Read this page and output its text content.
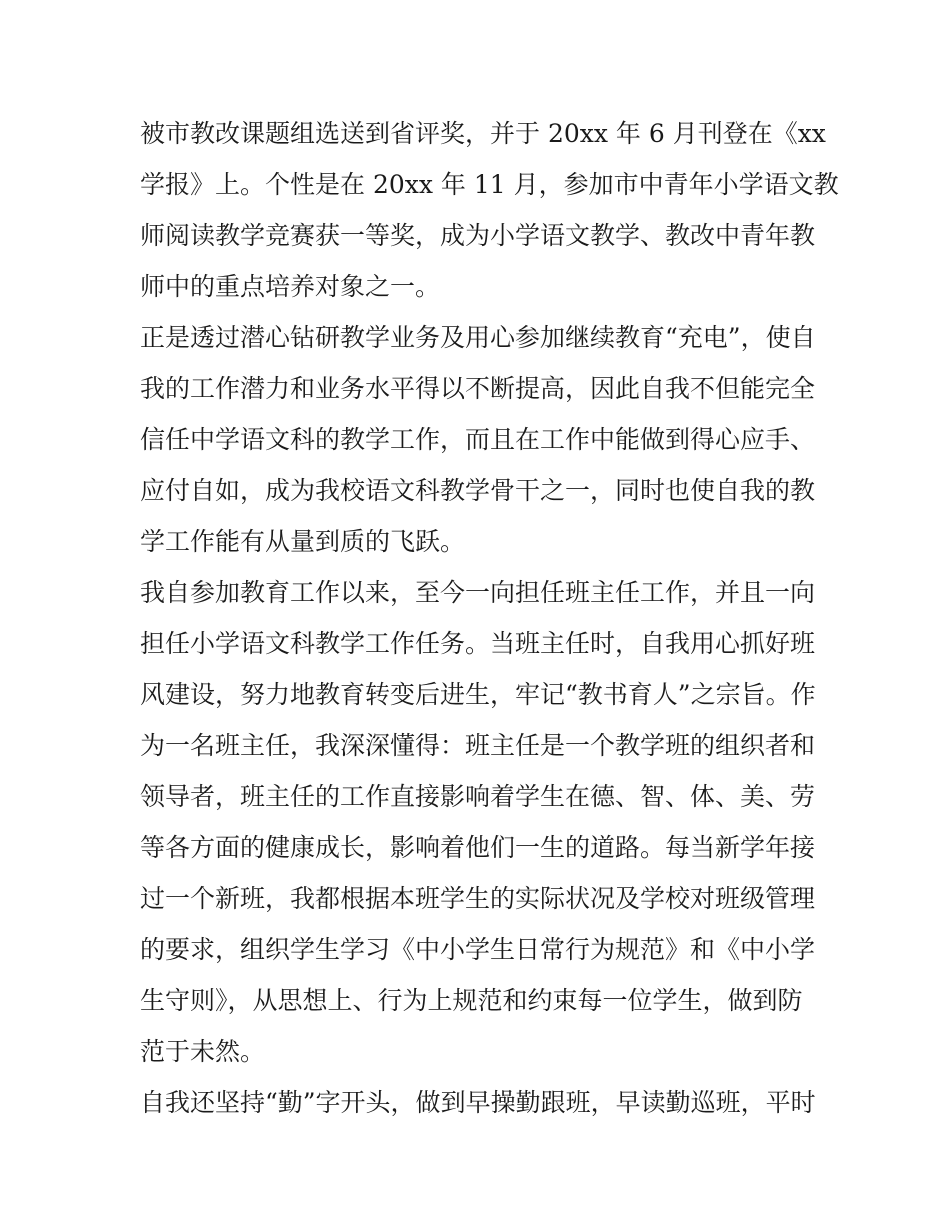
被市教改课题组选送到省评奖，并于 20xx 年 6 月刊登在《xx
学报》上。个性是在 20xx 年 11 月，参加市中青年小学语文教
师阅读教学竞赛获一等奖，成为小学语文教学、教改中青年教
师中的重点培养对象之一。
正是透过潜心钻研教学业务及用心参加继续教育“充电”，使自
我的工作潜力和业务水平得以不断提高，因此自我不但能完全
信任中学语文科的教学工作，而且在工作中能做到得心应手、
应付自如，成为我校语文科教学骨干之一，同时也使自我的教
学工作能有从量到质的飞跃。
我自参加教育工作以来，至今一向担任班主任工作，并且一向
担任小学语文科教学工作任务。当班主任时，自我用心抓好班
风建设，努力地教育转变后进生，牢记“教书育人”之宗旨。作
为一名班主任，我深深懂得：班主任是一个教学班的组织者和
领导者，班主任的工作直接影响着学生在德、智、体、美、劳
等各方面的健康成长，影响着他们一生的道路。每当新学年接
过一个新班，我都根据本班学生的实际状况及学校对班级管理
的要求，组织学生学习《中小学生日常行为规范》和《中小学
生守则》，从思想上、行为上规范和约束每一位学生，做到防
范于未然。
自我还坚持“勤”字开头，做到早操勤跟班，早读勤巡班，平时
